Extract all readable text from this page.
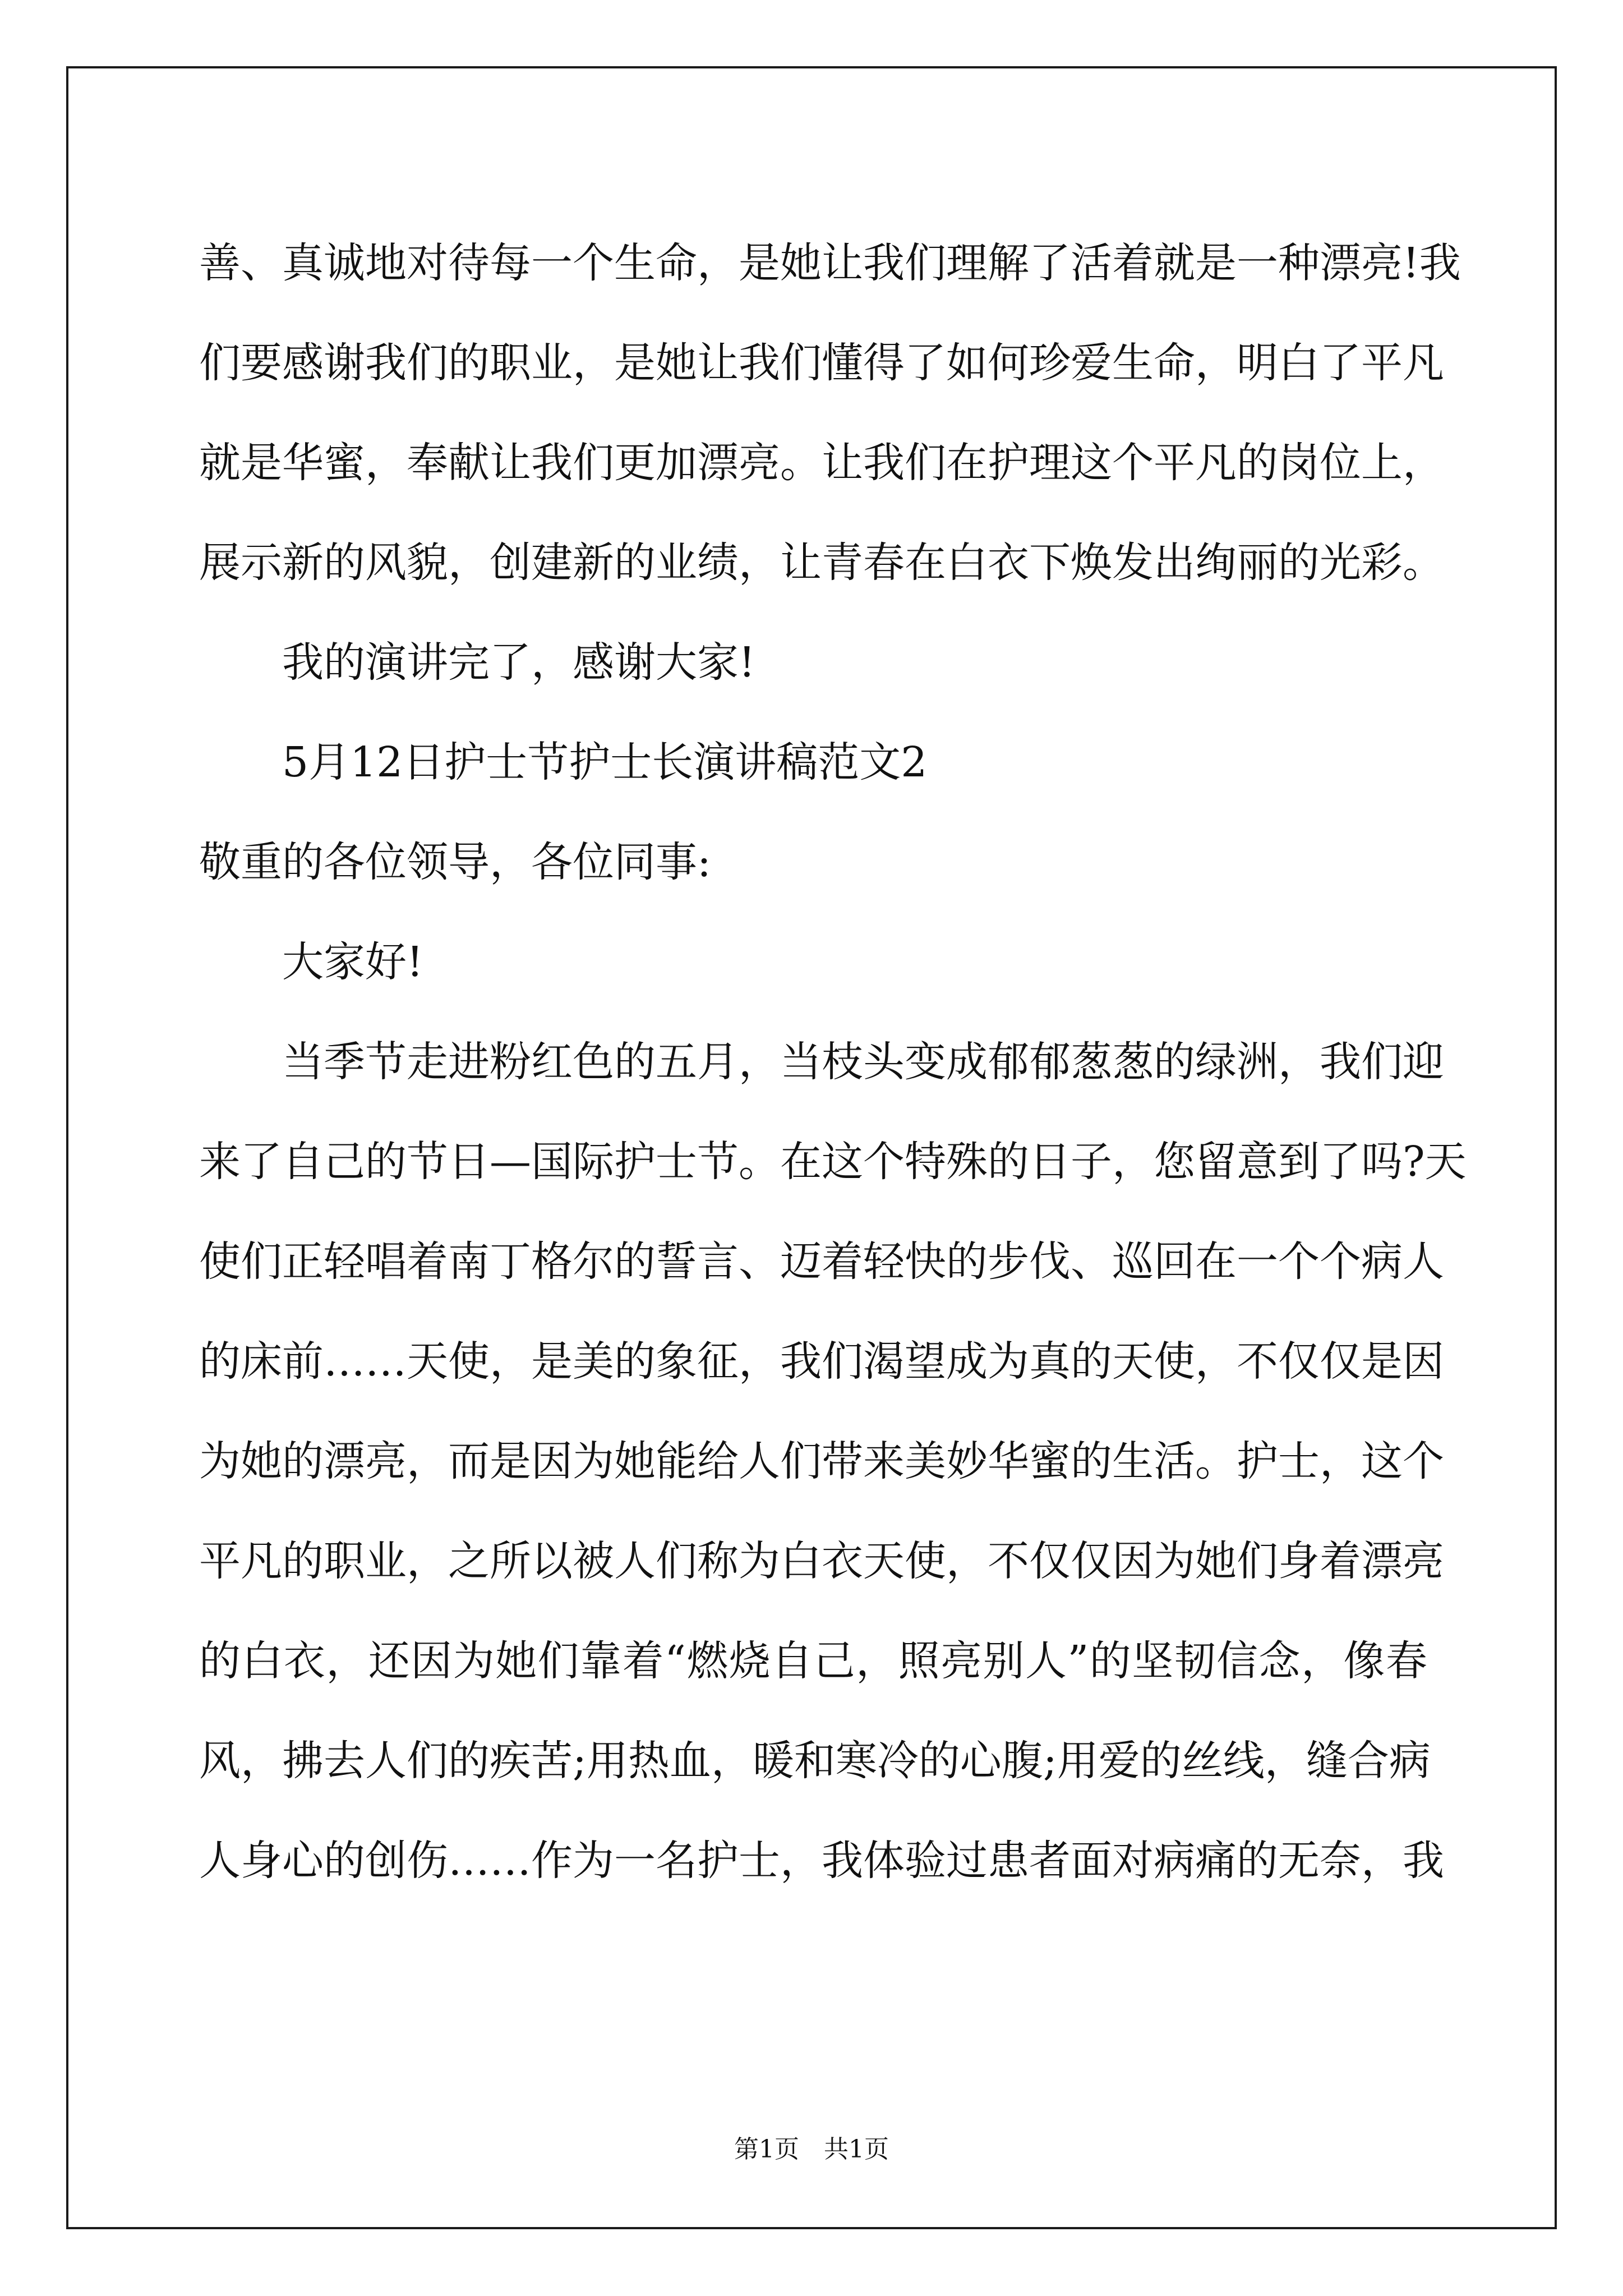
善、真诚地对待每一个生命，是她让我们理解了活着就是一种漂亮!我
们要感谢我们的职业，是她让我们懂得了如何珍爱生命，明白了平凡
就是华蜜，奉献让我们更加漂亮。让我们在护理这个平凡的岗位上，
展示新的风貌，创建新的业绩，让青春在白衣下焕发出绚丽的光彩。
我的演讲完了，感谢大家!
5月12日护士节护士长演讲稿范文2
敬重的各位领导，各位同事:
大家好!
当季节走进粉红色的五月，当枝头变成郁郁葱葱的绿洲，我们迎
来了自己的节日—国际护士节。在这个特殊的日子，您留意到了吗?天
使们正轻唱着南丁格尔的誓言、迈着轻快的步伐、巡回在一个个病人
的床前……天使，是美的象征，我们渴望成为真的天使，不仅仅是因
为她的漂亮，而是因为她能给人们带来美妙华蜜的生活。护士，这个
平凡的职业，之所以被人们称为白衣天使，不仅仅因为她们身着漂亮
的白衣，还因为她们靠着“燃烧自己，照亮别人”的坚韧信念，像春
风，拂去人们的疾苦;用热血，暖和寒冷的心腹;用爱的丝线，缝合病
人身心的创伤……作为一名护士，我体验过患者面对病痛的无奈，我
第1页　共1页
